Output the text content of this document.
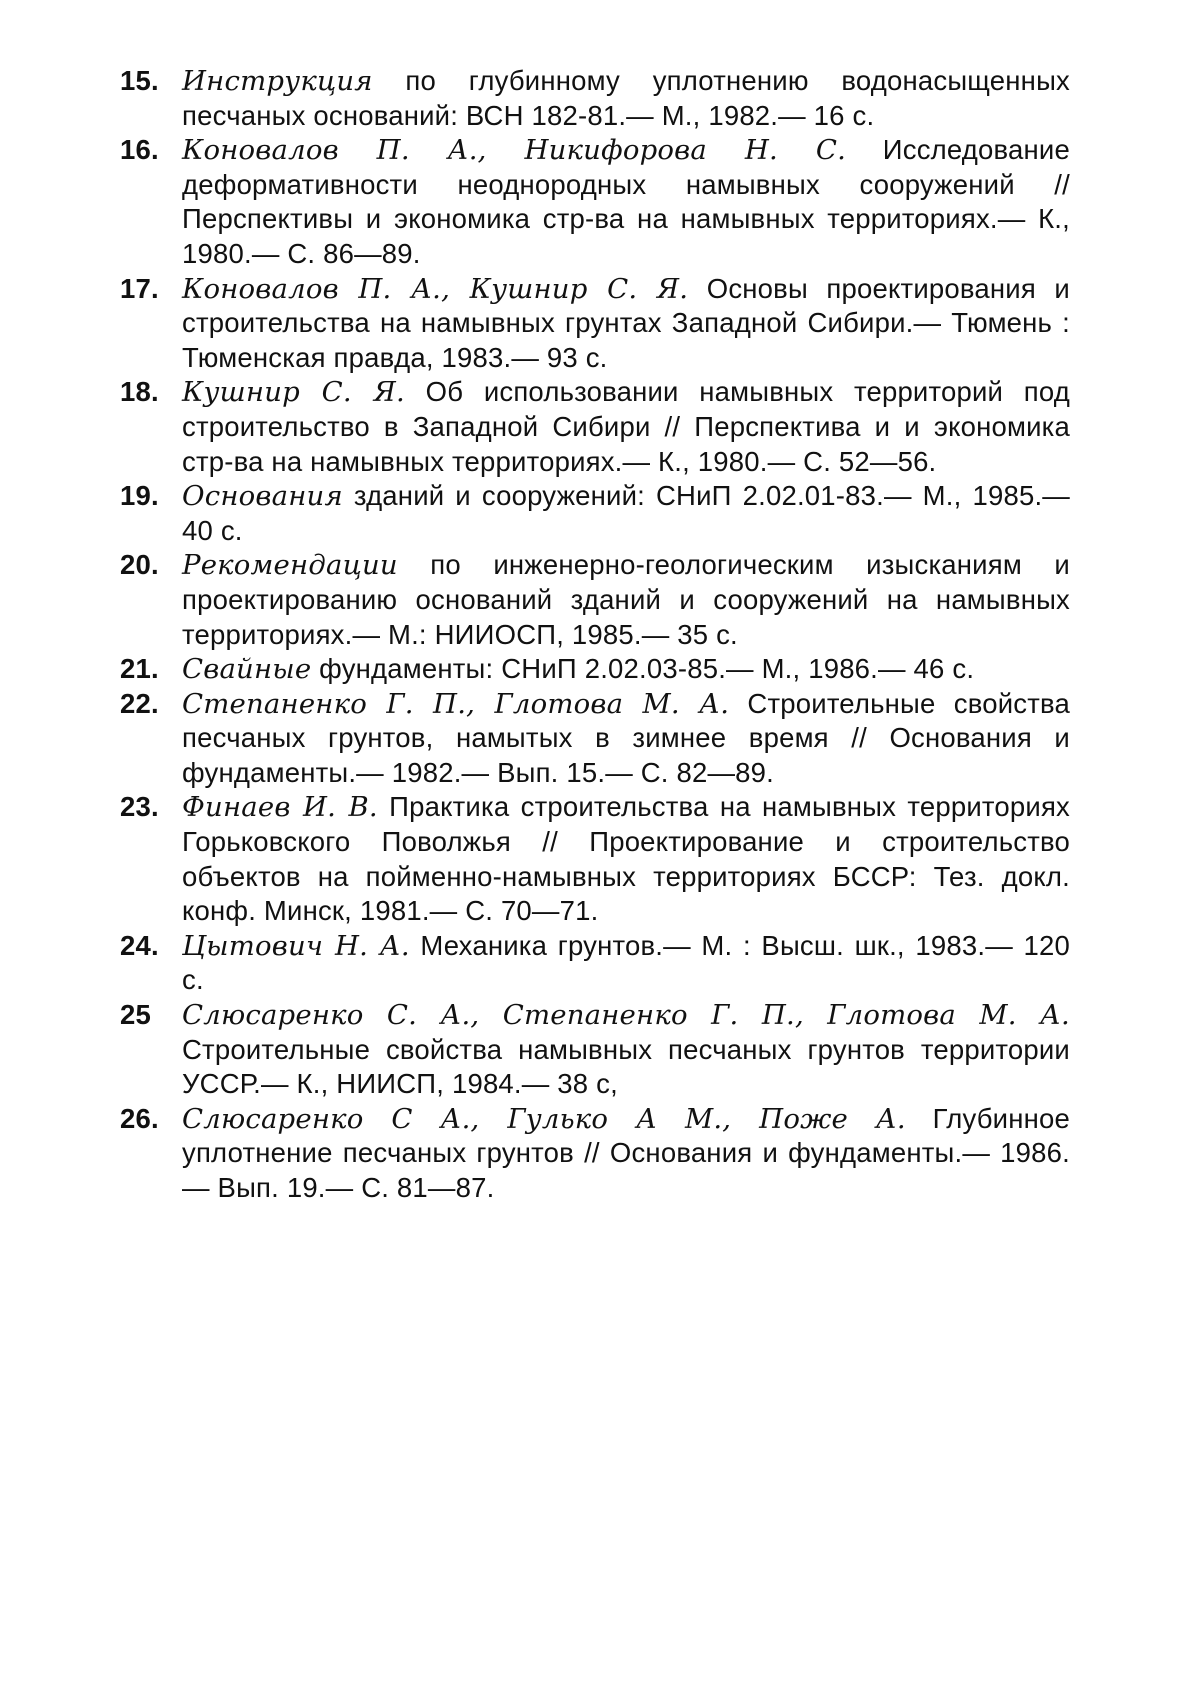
15. Инструкция по глубинному уплотнению водонасыщенных песчаных оснований: ВСН 182-81.— М., 1982.— 16 с.
16. Коновалов П. А., Никифорова Н. С. Исследование деформативности неоднородных намывных сооружений // Перспективы и экономика стр-ва на намывных территориях.— К., 1980.— С. 86—89.
17. Коновалов П. А., Кушнир С. Я. Основы проектирования и строительства на намывных грунтах Западной Сибири.— Тюмень : Тюменская правда, 1983.— 93 с.
18. Кушнир С. Я. Об использовании намывных территорий под строительство в Западной Сибири // Перспектива и и экономика стр-ва на намывных территориях.— К., 1980.— С. 52—56.
19. Основания зданий и сооружений: СНиП 2.02.01-83.— М., 1985.— 40 с.
20. Рекомендации по инженерно-геологическим изысканиям и проектированию оснований зданий и сооружений на намывных территориях.— М.: НИИОСП, 1985.— 35 с.
21. Свайные фундаменты: СНиП 2.02.03-85.— М., 1986.— 46 с.
22. Степаненко Г. П., Глотова М. А. Строительные свойства песчаных грунтов, намытых в зимнее время // Основания и фундаменты.— 1982.— Вып. 15.— С. 82—89.
23. Финаев И. В. Практика строительства на намывных территориях Горьковского Поволжья // Проектирование и строительство объектов на пойменно-намывных территориях БССР: Тез. докл. конф. Минск, 1981.— С. 70—71.
24. Цытович Н. А. Механика грунтов.— М. : Высш. шк., 1983.— 120 с.
25 Слюсаренко С. А., Степаненко Г. П., Глотова М. А. Строительные свойства намывных песчаных грунтов территории УССР.— К., НИИСП, 1984.— 38 с,
26. Слюсаренко С А., Гулько А М., Поже А. Глубинное уплотнение песчаных грунтов // Основания и фундаменты.— 1986.— Вып. 19.— С. 81—87.
